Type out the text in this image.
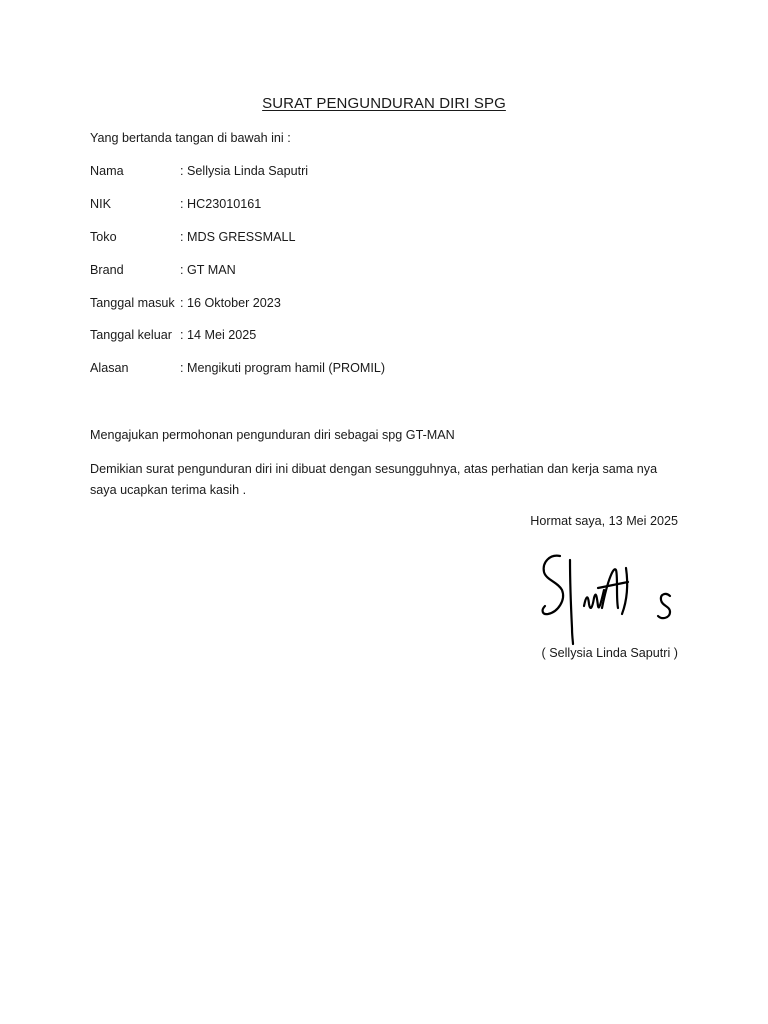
SURAT PENGUNDURAN DIRI SPG
Yang bertanda tangan di bawah ini :
Nama	: Sellysia Linda Saputri
NIK	: HC23010161
Toko	: MDS GRESSMALL
Brand	: GT MAN
Tanggal masuk : 16 Oktober 2023
Tanggal keluar : 14 Mei 2025
Alasan	: Mengikuti program hamil (PROMIL)
Mengajukan permohonan pengunduran diri sebagai spg GT-MAN
Demikian surat pengunduran diri ini dibuat dengan sesungguhnya, atas perhatian dan kerja sama nya
saya ucapkan terima kasih .
Hormat saya, 13 Mei 2025
( Sellysia Linda Saputri )
